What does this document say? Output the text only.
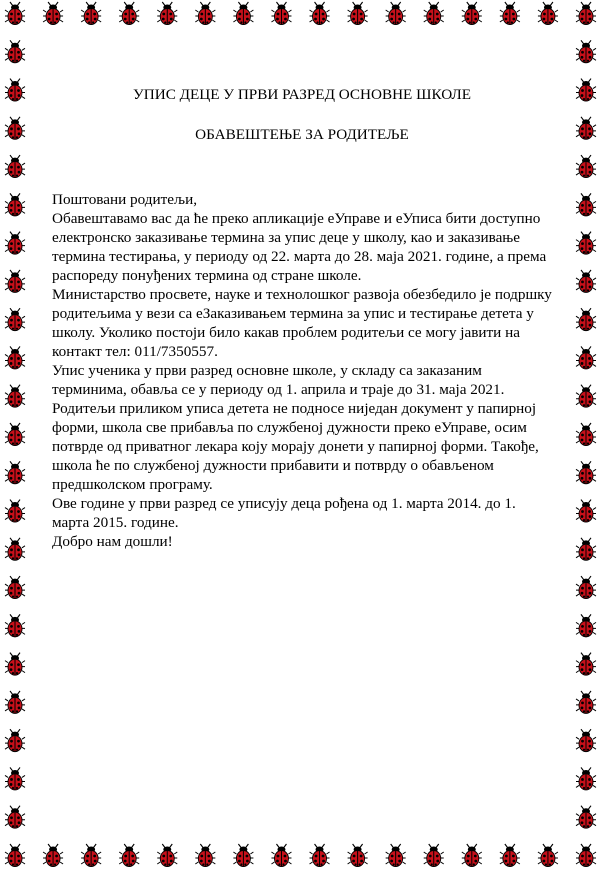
УПИС ДЕЦЕ У ПРВИ РАЗРЕД ОСНОВНЕ ШКОЛЕ
ОБАВЕШТЕЊЕ ЗА РОДИТЕЉЕ

Поштовани родитељи,

Обавештавамо вас да ће преко апликације еУправе и еУписа бити доступно електронско заказивање термина за упис деце у школу, као и заказивање термина тестирања, у периоду од 22. марта до 28. маја 2021. године, а према распореду понуђених термина од стране школе.

Министарство просвете, науке и технолошког развоја обезбедило је подршку родитељима у вези са еЗаказивањем термина за упис и тестирање детета у школу. Уколико постоји било какав проблем родитељи се могу јавити на контакт тел: 011/7350557.

Упис ученика у први разред основне школе, у складу са заказаним терминима, обавља се у периоду од 1. априла и траје до 31. маја 2021.

Родитељи приликом уписа детета не подносе ниједан документ у папирној форми, школа све прибавља по службеној дужности преко еУправе, осим потврде од приватног лекара коју морају донети у папирној форми. Такође, школа ће по службеној дужности прибавити и потврду о обављеном предшколском програму.

Ове године у први разред се уписују деца рођена од 1. марта 2014. до 1. марта 2015. године.

Добро нам дошли!
